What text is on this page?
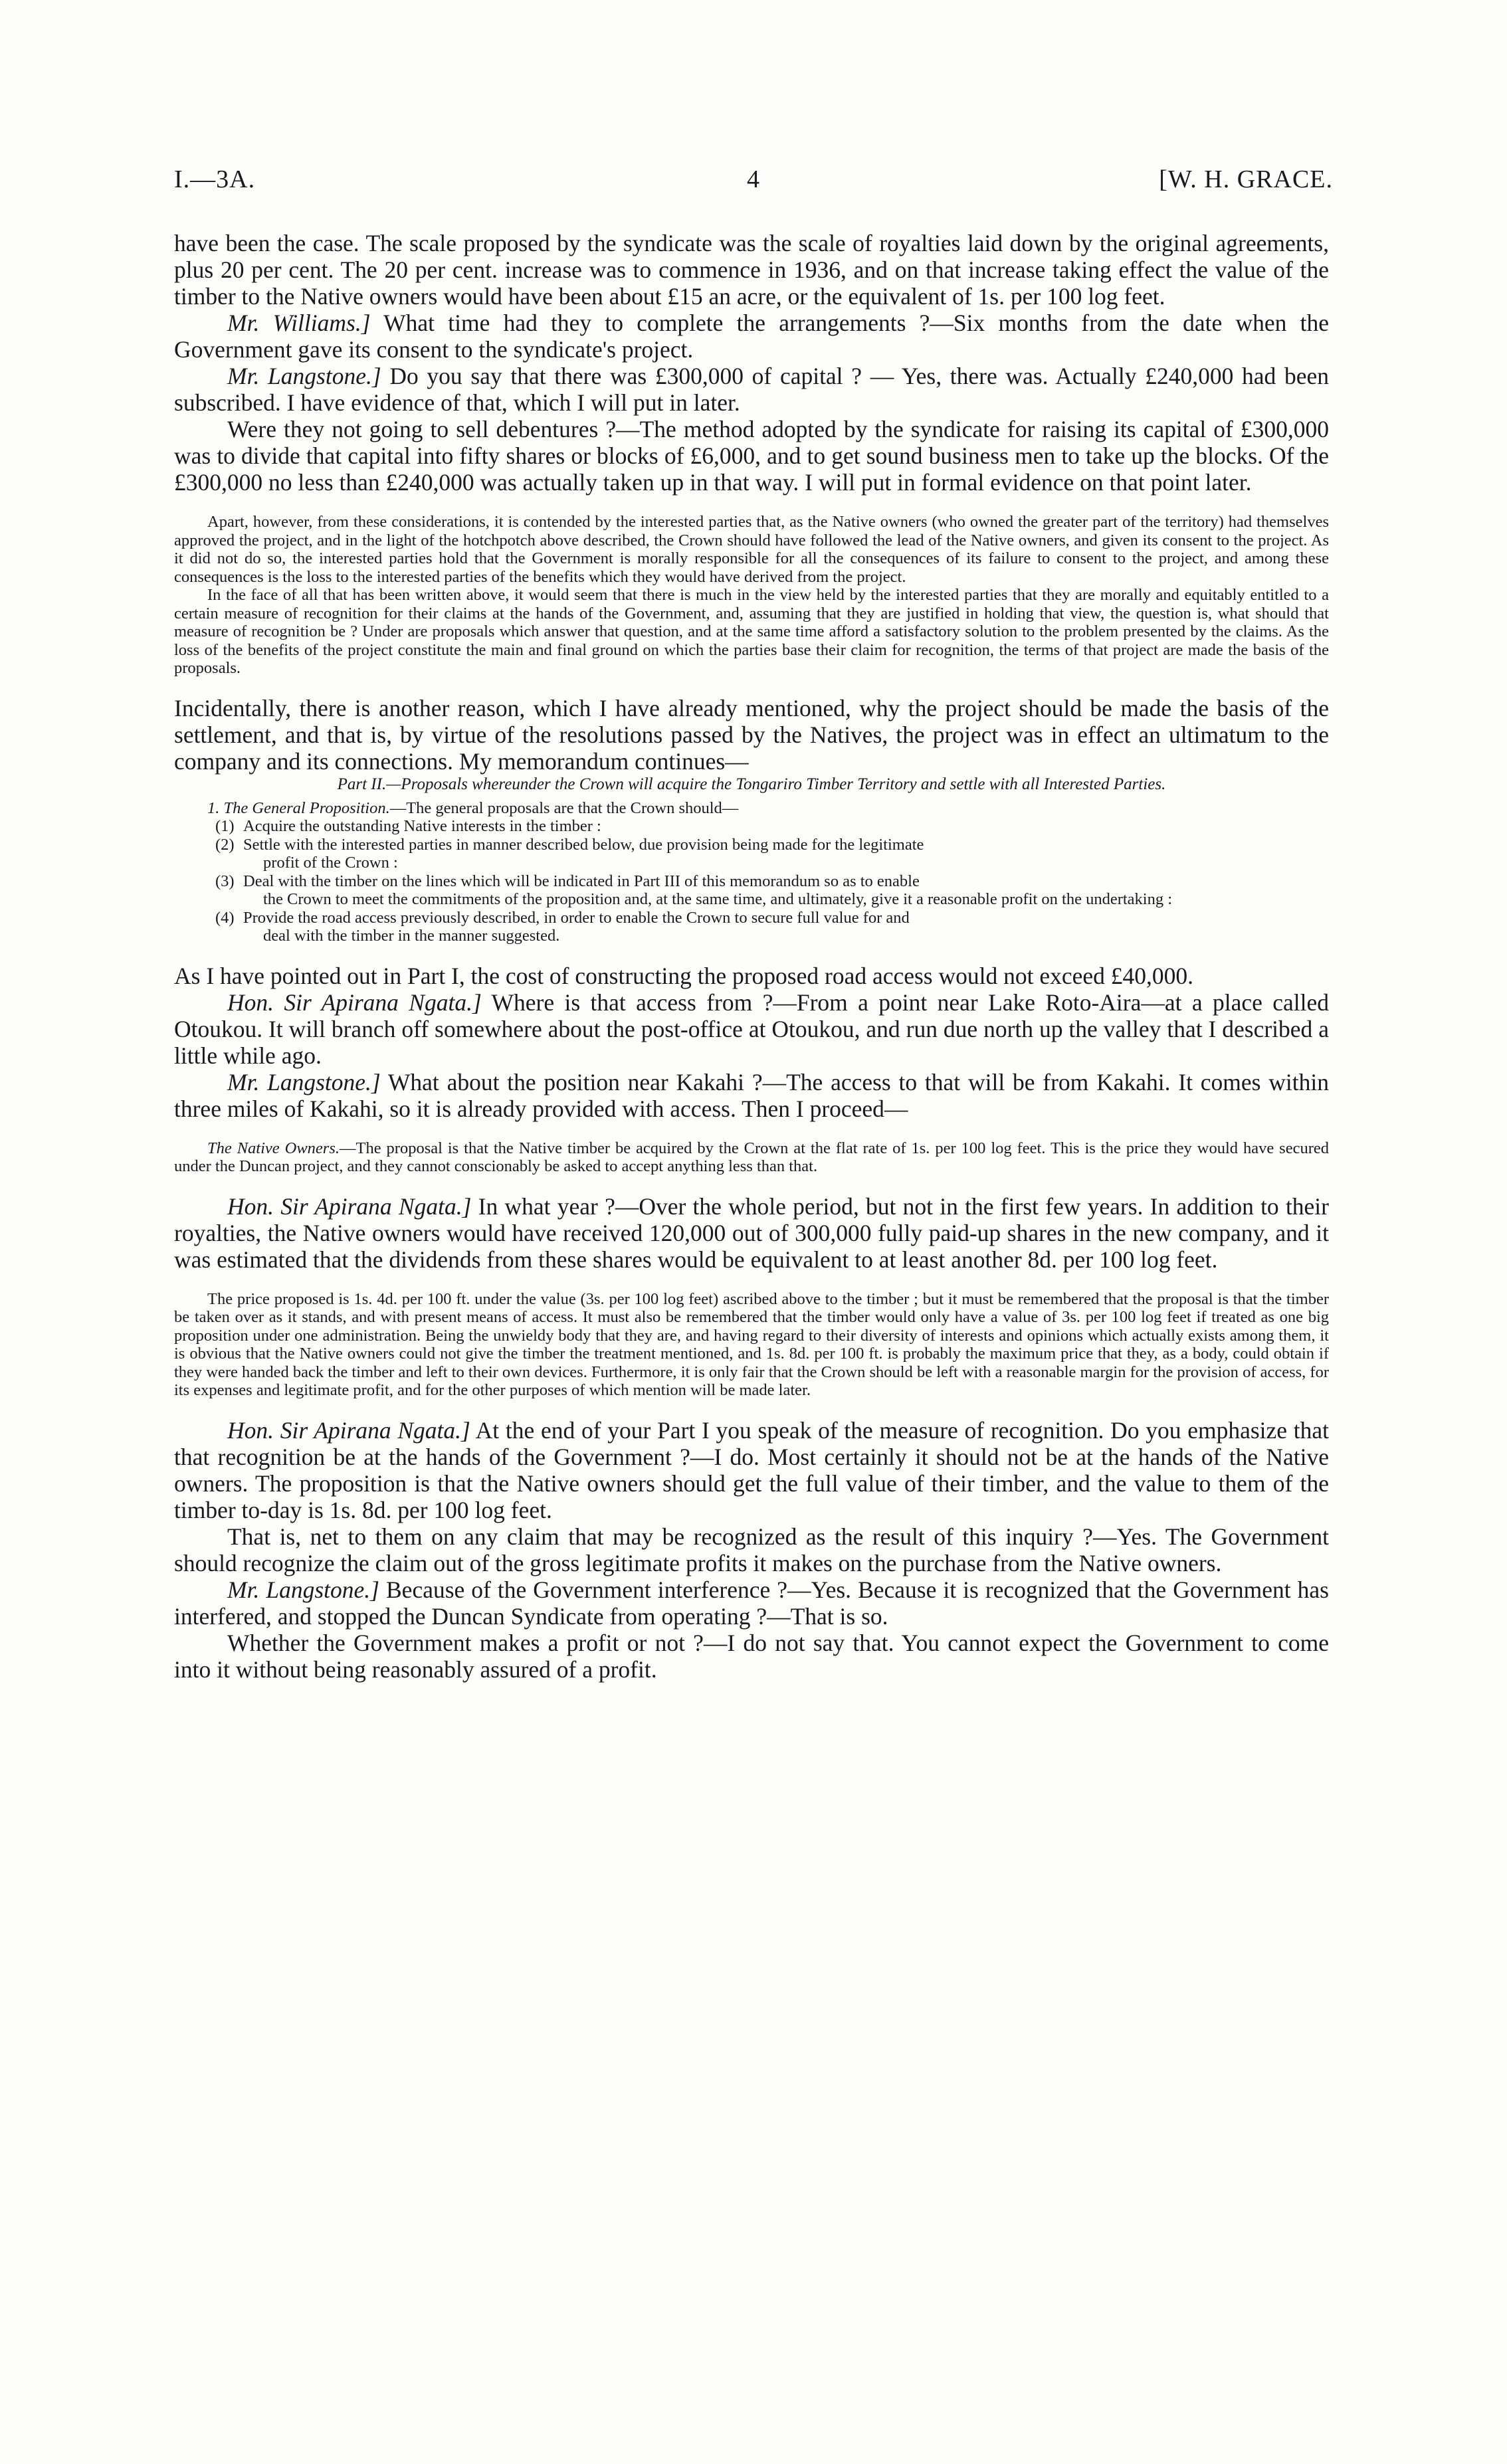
I.—3A.	4	[W. H. GRACE.

have been the case. The scale proposed by the syndicate was the scale of royalties laid down by the original agreements, plus 20 per cent. The 20 per cent. increase was to commence in 1936, and on that increase taking effect the value of the timber to the Native owners would have been about £15 an acre, or the equivalent of 1s. per 100 log feet.

Mr. Williams.] What time had they to complete the arrangements ?—Six months from the date when the Government gave its consent to the syndicate's project.

Mr. Langstone.] Do you say that there was £300,000 of capital ? — Yes, there was. Actually £240,000 had been subscribed. I have evidence of that, which I will put in later.

Were they not going to sell debentures ?—The method adopted by the syndicate for raising its capital of £300,000 was to divide that capital into fifty shares or blocks of £6,000, and to get sound business men to take up the blocks. Of the £300,000 no less than £240,000 was actually taken up in that way. I will put in formal evidence on that point later.

Apart, however, from these considerations, it is contended by the interested parties that, as the Native owners (who owned the greater part of the territory) had themselves approved the project, and in the light of the hotchpotch above described, the Crown should have followed the lead of the Native owners, and given its consent to the project. As it did not do so, the interested parties hold that the Government is morally responsible for all the consequences of its failure to consent to the project, and among these consequences is the loss to the interested parties of the benefits which they would have derived from the project.

In the face of all that has been written above, it would seem that there is much in the view held by the interested parties that they are morally and equitably entitled to a certain measure of recognition for their claims at the hands of the Government, and, assuming that they are justified in holding that view, the question is, what should that measure of recognition be ? Under are proposals which answer that question, and at the same time afford a satisfactory solution to the problem presented by the claims. As the loss of the benefits of the project constitute the main and final ground on which the parties base their claim for recognition, the terms of that project are made the basis of the proposals.

Incidentally, there is another reason, which I have already mentioned, why the project should be made the basis of the settlement, and that is, by virtue of the resolutions passed by the Natives, the project was in effect an ultimatum to the company and its connections. My memorandum continues—

Part II.—Proposals whereunder the Crown will acquire the Tongariro Timber Territory and settle with all Interested Parties.

1. The General Proposition.—The general proposals are that the Crown should—

(1) Acquire the outstanding Native interests in the timber :
(2) Settle with the interested parties in manner described below, due provision being made for the legitimate
profit of the Crown :
(3) Deal with the timber on the lines which will be indicated in Part III of this memorandum so as to enable
the Crown to meet the commitments of the proposition and, at the same time, and ultimately, give it a reasonable profit on the undertaking :
(4) Provide the road access previously described, in order to enable the Crown to secure full value for and
deal with the timber in the manner suggested.

As I have pointed out in Part I, the cost of constructing the proposed road access would not exceed £40,000.

Hon. Sir Apirana Ngata.] Where is that access from ?—From a point near Lake Roto-Aira—at a place called Otoukou. It will branch off somewhere about the post-office at Otoukou, and run due north up the valley that I described a little while ago.

Mr. Langstone.] What about the position near Kakahi ?—The access to that will be from Kakahi. It comes within three miles of Kakahi, so it is already provided with access. Then I proceed—

The Native Owners.—The proposal is that the Native timber be acquired by the Crown at the flat rate of 1s. per 100 log feet. This is the price they would have secured under the Duncan project, and they cannot conscionably be asked to accept anything less than that.

Hon. Sir Apirana Ngata.] In what year ?—Over the whole period, but not in the first few years. In addition to their royalties, the Native owners would have received 120,000 out of 300,000 fully paid-up shares in the new company, and it was estimated that the dividends from these shares would be equivalent to at least another 8d. per 100 log feet.

The price proposed is 1s. 4d. per 100 ft. under the value (3s. per 100 log feet) ascribed above to the timber ; but it must be remembered that the proposal is that the timber be taken over as it stands, and with present means of access. It must also be remembered that the timber would only have a value of 3s. per 100 log feet if treated as one big proposition under one administration. Being the unwieldy body that they are, and having regard to their diversity of interests and opinions which actually exists among them, it is obvious that the Native owners could not give the timber the treatment mentioned, and 1s. 8d. per 100 ft. is probably the maximum price that they, as a body, could obtain if they were handed back the timber and left to their own devices. Furthermore, it is only fair that the Crown should be left with a reasonable margin for the provision of access, for its expenses and legitimate profit, and for the other purposes of which mention will be made later.

Hon. Sir Apirana Ngata.] At the end of your Part I you speak of the measure of recognition. Do you emphasize that that recognition be at the hands of the Government ?—I do. Most certainly it should not be at the hands of the Native owners. The proposition is that the Native owners should get the full value of their timber, and the value to them of the timber to-day is 1s. 8d. per 100 log feet.

That is, net to them on any claim that may be recognized as the result of this inquiry ?—Yes. The Government should recognize the claim out of the gross legitimate profits it makes on the purchase from the Native owners.

Mr. Langstone.] Because of the Government interference ?—Yes. Because it is recognized that the Government has interfered, and stopped the Duncan Syndicate from operating ?—That is so.

Whether the Government makes a profit or not ?—I do not say that. You cannot expect the Government to come into it without being reasonably assured of a profit.
